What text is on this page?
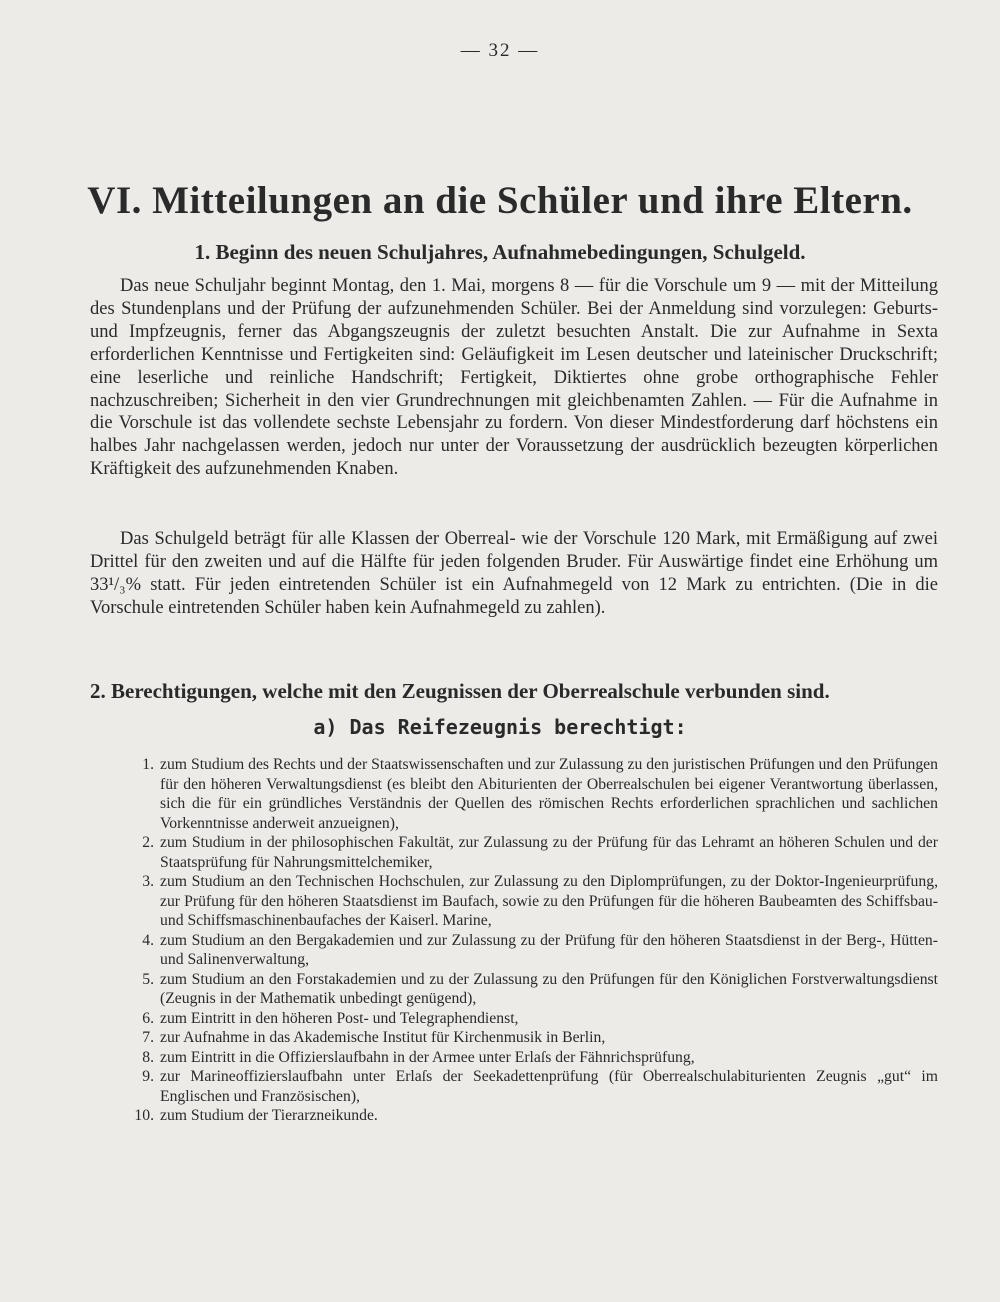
— 32 —
VI. Mitteilungen an die Schüler und ihre Eltern.
1. Beginn des neuen Schuljahres, Aufnahmebedingungen, Schulgeld.

Das neue Schuljahr beginnt Montag, den 1. Mai, morgens 8 — für die Vorschule um 9 — mit der Mitteilung des Stundenplans und der Prüfung der aufzunehmenden Schüler. Bei der Anmeldung sind vorzulegen: Geburts- und Impfzeugnis, ferner das Abgangszeugnis der zuletzt besuchten Anstalt. Die zur Aufnahme in Sexta erforderlichen Kenntnisse und Fertigkeiten sind: Geläufigkeit im Lesen deutscher und lateinischer Druckschrift; eine leserliche und reinliche Handschrift; Fertigkeit, Diktiertes ohne grobe orthographische Fehler nachzuschreiben; Sicherheit in den vier Grundrechnungen mit gleichbenamten Zahlen. — Für die Aufnahme in die Vorschule ist das vollendete sechste Lebensjahr zu fordern. Von dieser Mindestforderung darf höchstens ein halbes Jahr nachgelassen werden, jedoch nur unter der Voraussetzung der ausdrücklich bezeugten körperlichen Kräftigkeit des aufzunehmenden Knaben.

Das Schulgeld beträgt für alle Klassen der Oberreal- wie der Vorschule 120 Mark, mit Ermäßigung auf zwei Drittel für den zweiten und auf die Hälfte für jeden folgenden Bruder. Für Auswärtige findet eine Erhöhung um 33¹/₃% statt. Für jeden eintretenden Schüler ist ein Aufnahmegeld von 12 Mark zu entrichten. (Die in die Vorschule eintretenden Schüler haben kein Aufnahmegeld zu zahlen).

2. Berechtigungen, welche mit den Zeugnissen der Oberrealschule verbunden sind.
a) Das Reifezeugnis berechtigt:
1. zum Studium des Rechts und der Staatswissenschaften und zur Zulassung zu den juristischen Prüfungen und den Prüfungen für den höheren Verwaltungsdienst (es bleibt den Abiturienten der Oberrealschulen bei eigener Verantwortung überlassen, sich die für ein gründliches Verständnis der Quellen des römischen Rechts erforderlichen sprachlichen und sachlichen Vorkenntnisse anderweit anzueignen),
2. zum Studium in der philosophischen Fakultät, zur Zulassung zu der Prüfung für das Lehramt an höheren Schulen und der Staatsprüfung für Nahrungsmittelchemiker,
3. zum Studium an den Technischen Hochschulen, zur Zulassung zu den Diplomprüfungen, zu der Doktor-Ingenieurprüfung, zur Prüfung für den höheren Staatsdienst im Baufach, sowie zu den Prüfungen für die höheren Baubeamten des Schiffsbau- und Schiffsmaschinenbaufaches der Kaiserl. Marine,
4. zum Studium an den Bergakademien und zur Zulassung zu der Prüfung für den höheren Staatsdienst in der Berg-, Hütten- und Salinenverwaltung,
5. zum Studium an den Forstakademien und zu der Zulassung zu den Prüfungen für den Königlichen Forstverwaltungsdienst (Zeugnis in der Mathematik unbedingt genügend),
6. zum Eintritt in den höheren Post- und Telegraphendienst,
7. zur Aufnahme in das Akademische Institut für Kirchenmusik in Berlin,
8. zum Eintritt in die Offizierslaufbahn in der Armee unter Erlaſs der Fähnrichsprüfung,
9. zur Marineoffizierslaufbahn unter Erlaſs der Seekadettenprüfung (für Oberrealschulabiturienten Zeugnis „gut“ im Englischen und Französischen),
10. zum Studium der Tierarzneikunde.
